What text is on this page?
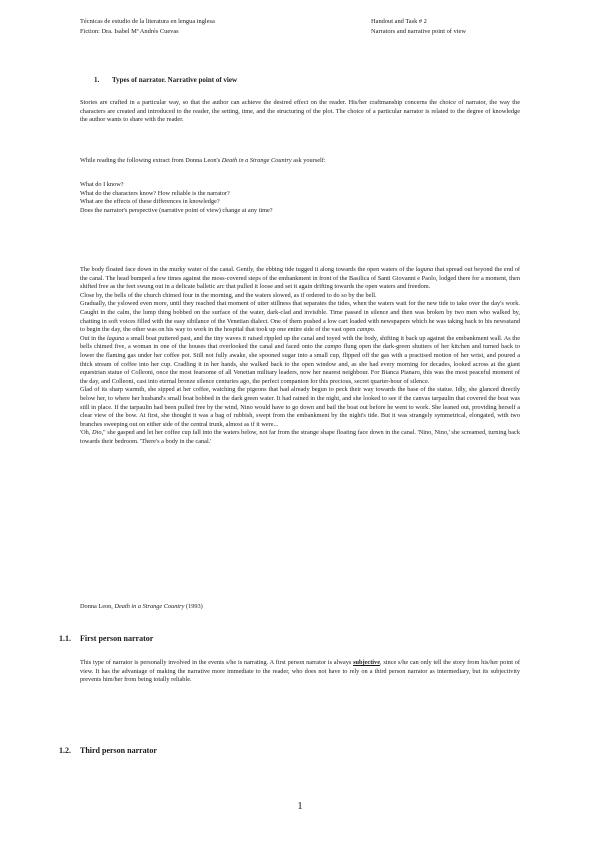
Técnicas de estudio de la literatura en lengua inglesa
Fiction: Dra. Isabel Mª Andrés Cuevas
Handout and Task # 2
Narrators and narrative point of view
1. Types of narrator. Narrative point of view

Stories are crafted in a particular way, so that the author can achieve the desired effect on the reader. His/her craftmanship concerns the choice of narrator, the way the characters are created and introduced to the reader, the setting, time, and the structuring of the plot. The choice of a particular narrator is related to the degree of knowledge the author wants to share with the reader.

While reading the following extract from Donna Leon's Death in a Strange Country ask yourself:

What do I know?

What do the characters know? How reliable is the narrator?

What are the effects of these differences in knowledge?

Does the narrator's perspective (narrative point of view) change at any time?

The body floated face down in the murky water of the canal. Gently, the ebbing tide tugged it along towards the open waters of the laguna that spread out beyond the end of the canal. The head bumped a few times against the moss-covered steps of the embankment in front of the Basilica of Santi Giovanni e Paolo, lodged there for a moment, then shifted free as the feet swung out in a delicate balletic arc that pulled it loose and set it again drifting towards the open waters and freedom.

Close by, the bells of the church chimed four in the morning, and the waters slowed, as if ordered to do so by the bell.

Gradually, the yslowed even more, until they reached that moment of utter stillness that separates the tides, when the waters wait for the new tide to take over the day's work. Caught in the calm, the lump thing bobbed on the surface of the water, dark-clad and invisible. Time passed in silence and then was broken by two men who walked by, chatting in soft voices filled with the easy sibilance of the Venetian dialect. One of them pushed a low cart loaded with newspapers which he was taking back to his newsstand to begin the day, the other was on his way to work in the hospital that took up one entire side of the vast open campo.

Out in the laguna a small boat puttered past, and the tiny waves it raised rippled up the canal and toyed with the body, shifting it back up against the embankment wall. As the bells chimed five, a woman in one of the houses that overlooked the canal and faced onto the campo flung open the dark-green shutters of her kitchen and turned back to lower the flaming gas under her coffee pot. Still not fully awake, she spooned sugar into a small cup, flipped off the gas with a practised motion of her wrist, and poured a thick stream of coffee into her cup. Cradling it in her hands, she walked back to the open window and, as she had every morning for decades, looked across at the giant equestrian statue of Colleoni, once the most fearsome of all Venetian military leaders, now her nearest neighbour. For Bianca Pianaro, this was the most peaceful moment of the day, and Colleoni, cast into eternal bronze silence centuries ago, the perfect companion for this precious, secret quarter-hour of silence.

Glad of its sharp warmth, she sipped at her coffee, watching the pigeons that had already begun to peck their way towards the base of the statue. Idly, she glanced directly below her, to where her husband's small boat bobbed in the dark green water. It had rained in the night, and she looked to see if the canvas tarpaulin that covered the boat was still in place. If the tarpaulin had been pulled free by the wind, Nino would have to go down and bail the boat out before he went to work. She leaned out, providing herself a clear view of the bow. At first, she thought it was a bag of rubbish, swept from the embankment by the night's tide. But it was strangely symmetrical, elongated, with two branches sweeping out on either side of the central trunk, almost as if it were...

'Oh, Dio," she gasped and let her coffee cup fall into the waters below, not far from the strange shape floating face down in the canal. 'Nino, Nino,' she screamed, turning back towards their bedroom. 'There's a body in the canal.'

Donna Leon, Death in a Strange Country (1993)

1.1. First person narrator

This type of narrator is personally involved in the events s/he is narrating. A first person narrator is always subjective, since s/he can only tell the story from his/her point of view. It has the advantage of making the narrative more immediate to the reader, who does not have to rely on a third person narrator as intermediary, but its subjectivity prevents him/her from being totally reliable.

1.2. Third person narrator
1
